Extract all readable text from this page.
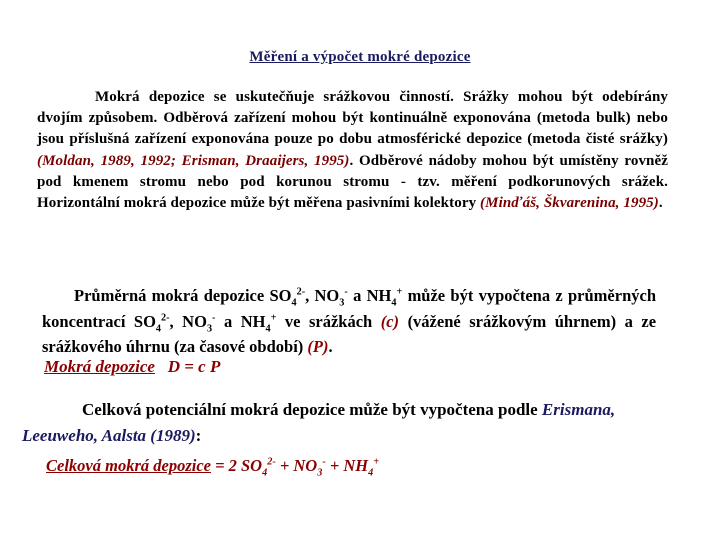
Měření a výpočet mokré depozice
Mokrá depozice se uskutečňuje srážkovou činností. Srážky mohou být odebírány dvojím způsobem. Odběrová zařízení mohou být kontinuálně exponována (metoda bulk) nebo jsou příslušná zařízení exponována pouze po dobu atmosférické depozice (metoda čisté srážky) (Moldan, 1989, 1992; Erisman, Draaijers, 1995). Odběrové nádoby mohou být umístěny rovněž pod kmenem stromu nebo pod korunou stromu - tzv. měření podkorunových srážek. Horizontální mokrá depozice může být měřena pasivními kolektory (Minďáš, Škvarenina, 1995).
Průměrná mokrá depozice $SO_4^{2-}$, $NO_3^-$ a $NH_4^+$ může být vypočtena z průměrných koncentrací $SO_4^{2-}$, $NO_3^-$ a $NH_4^+$ ve srážkách (c) (vážené srážkovým úhrnem) a ze srážkového úhrnu (za časové období) (P).
Mokrá depozice D = c P
Celková potenciální mokrá depozice může být vypočtena podle Erismana, Leeuweho, Aalsta (1989):
Celková mokrá depozice = 2 $SO_4^{2-} + NO_3^- + NH_4^+$
